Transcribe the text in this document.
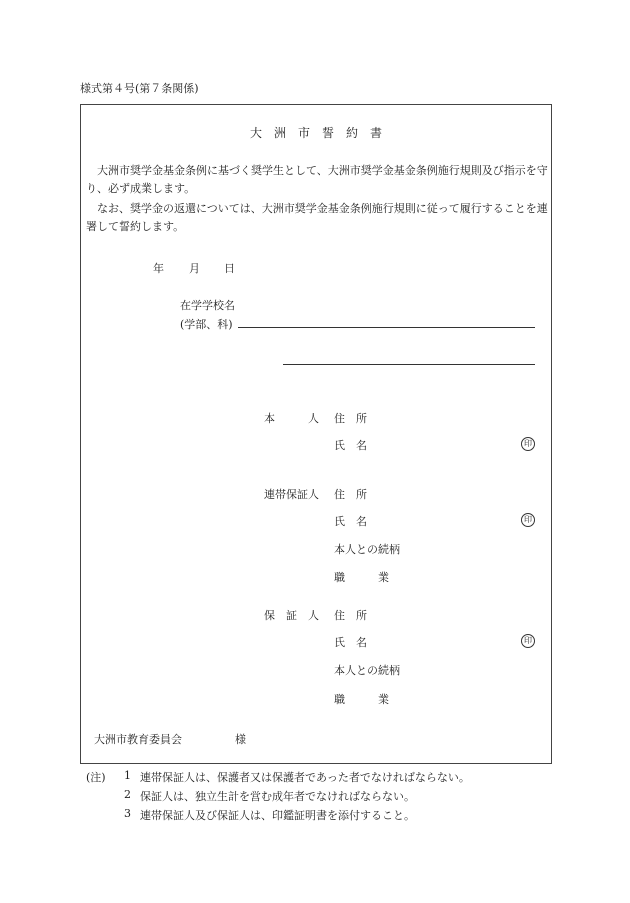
様式第４号(第７条関係)
大　洲　市　誓　約　書
　大洲市奨学金基金条例に基づく奨学生として、大洲市奨学金基金条例施行規則及び指示を守り、必ず成業します。
　なお、奨学金の返還については、大洲市奨学金基金条例施行規則に従って履行することを連署して誓約します。
年 月 日
在学学校名
(学部、科)
本　　　人 住　所
氏　名	印
連帯保証人 住　所
氏　名	印
本人との続柄
職　　　業
保　証　人 住　所
氏　名	印
本人との続柄
職　　　業
大洲市教育委員会	様
(注) 1 連帯保証人は、保護者又は保護者であった者でなければならない。
2 保証人は、独立生計を営む成年者でなければならない。
3 連帯保証人及び保証人は、印鑑証明書を添付すること。
